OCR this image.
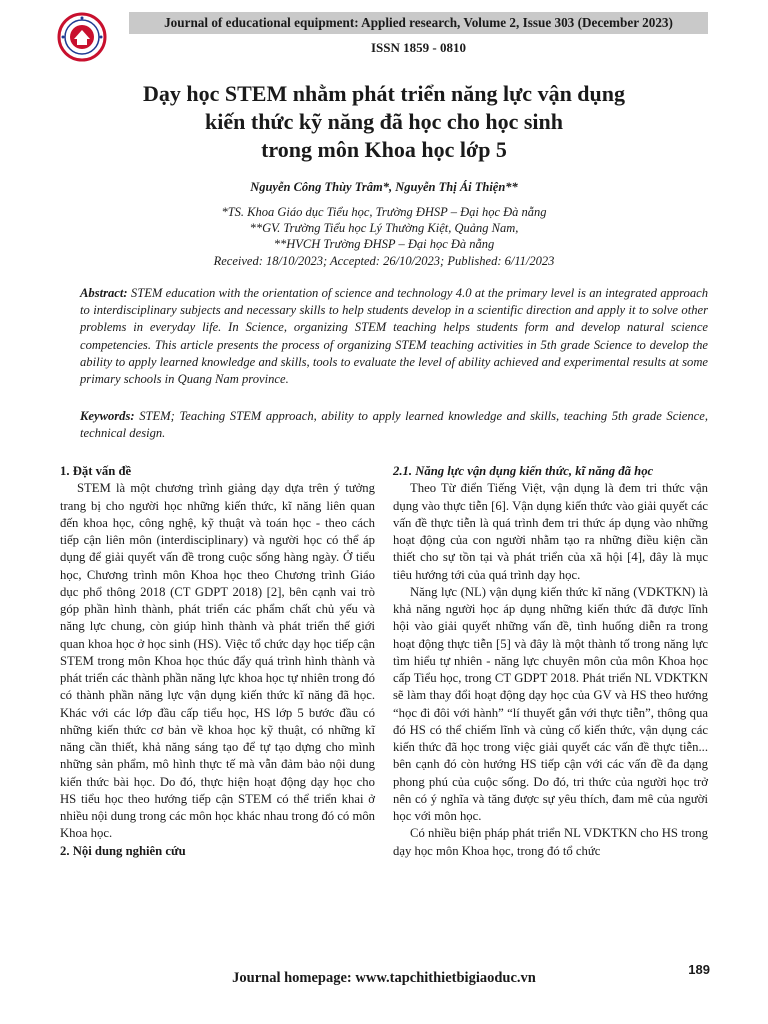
Journal of educational equipment: Applied research, Volume 2, Issue 303 (December 2023)
ISSN 1859 - 0810
Dạy học STEM nhằm phát triển năng lực vận dụng
kiến thức kỹ năng đã học cho học sinh
trong môn Khoa học lớp 5
Nguyễn Công Thùy Trâm*, Nguyễn Thị Ái Thiện**
*TS. Khoa Giáo dục Tiểu học, Trường ĐHSP – Đại học Đà nẵng
**GV. Trường Tiểu học Lý Thường Kiệt, Quảng Nam,
**HVCH Trường ĐHSP – Đại học Đà nẵng
Received: 18/10/2023; Accepted: 26/10/2023; Published: 6/11/2023
Abstract: STEM education with the orientation of science and technology 4.0 at the primary level is an integrated approach to interdisciplinary subjects and necessary skills to help students develop in a scientific direction and apply it to solve other problems in everyday life. In Science, organizing STEM teaching helps students form and develop natural science competencies. This article presents the process of organizing STEM teaching activities in 5th grade Science to develop the ability to apply learned knowledge and skills, tools to evaluate the level of ability achieved and experimental results at some primary schools in Quang Nam province.
Keywords: STEM; Teaching STEM approach, ability to apply learned knowledge and skills, teaching 5th grade Science, technical design.
1. Đặt vấn đề

STEM là một chương trình giảng dạy dựa trên ý tưởng trang bị cho người học những kiến thức, kĩ năng liên quan đến khoa học, công nghệ, kỹ thuật và toán học - theo cách tiếp cận liên môn (interdisciplinary) và người học có thể áp dụng để giải quyết vấn đề trong cuộc sống hàng ngày. Ở tiểu học, Chương trình môn Khoa học theo Chương trình Giáo dục phổ thông 2018 (CT GDPT 2018) [2], bên cạnh vai trò góp phần hình thành, phát triển các phẩm chất chủ yếu và năng lực chung, còn giúp hình thành và phát triển thế giới quan khoa học ở học sinh (HS). Việc tổ chức dạy học tiếp cận STEM trong môn Khoa học thúc đẩy quá trình hình thành và phát triển các thành phần năng lực khoa học tự nhiên trong đó có thành phần năng lực vận dụng kiến thức kĩ năng đã học. Khác với các lớp đầu cấp tiểu học, HS lớp 5 bước đầu có những kiến thức cơ bản về khoa học kỹ thuật, có những kĩ năng cần thiết, khả năng sáng tạo để tự tạo dựng cho mình những sản phẩm, mô hình thực tế mà vẫn đảm bảo nội dung kiến thức bài học. Do đó, thực hiện hoạt động dạy học cho HS tiểu học theo hướng tiếp cận STEM có thể triển khai ở nhiều nội dung trong các môn học khác nhau trong đó có môn Khoa học.

2. Nội dung nghiên cứu
2.1. Năng lực vận dụng kiến thức, kĩ năng đã học

Theo Từ điển Tiếng Việt, vận dụng là đem tri thức vận dụng vào thực tiễn [6]. Vận dụng kiến thức vào giải quyết các vấn đề thực tiễn là quá trình đem tri thức áp dụng vào những hoạt động của con người nhằm tạo ra những điều kiện cần thiết cho sự tồn tại và phát triển của xã hội [4], đây là mục tiêu hướng tới của quá trình dạy học.

Năng lực (NL) vận dụng kiến thức kĩ năng (VDKTKN) là khả năng người học áp dụng những kiến thức đã được lĩnh hội vào giải quyết những vấn đề, tình huống diễn ra trong hoạt động thực tiễn [5] và đây là một thành tố trong năng lực tìm hiểu tự nhiên - năng lực chuyên môn của môn Khoa học cấp Tiểu học, trong CT GDPT 2018. Phát triển NL VDKTKN sẽ làm thay đổi hoạt động dạy học của GV và HS theo hướng “học đi đôi với hành” “lí thuyết gắn với thực tiễn”, thông qua đó HS có thể chiếm lĩnh và củng cố kiến thức, vận dụng các kiến thức đã học trong việc giải quyết các vấn đề thực tiễn... bên cạnh đó còn hướng HS tiếp cận với các vấn đề đa dạng phong phú của cuộc sống. Do đó, tri thức của người học trở nên có ý nghĩa và tăng được sự yêu thích, đam mê của người học với môn học.

Có nhiều biện pháp phát triển NL VDKTKN cho HS trong dạy học môn Khoa học, trong đó tổ chức

Journal homepage: www.tapchithietbigiaoduc.vn
189
